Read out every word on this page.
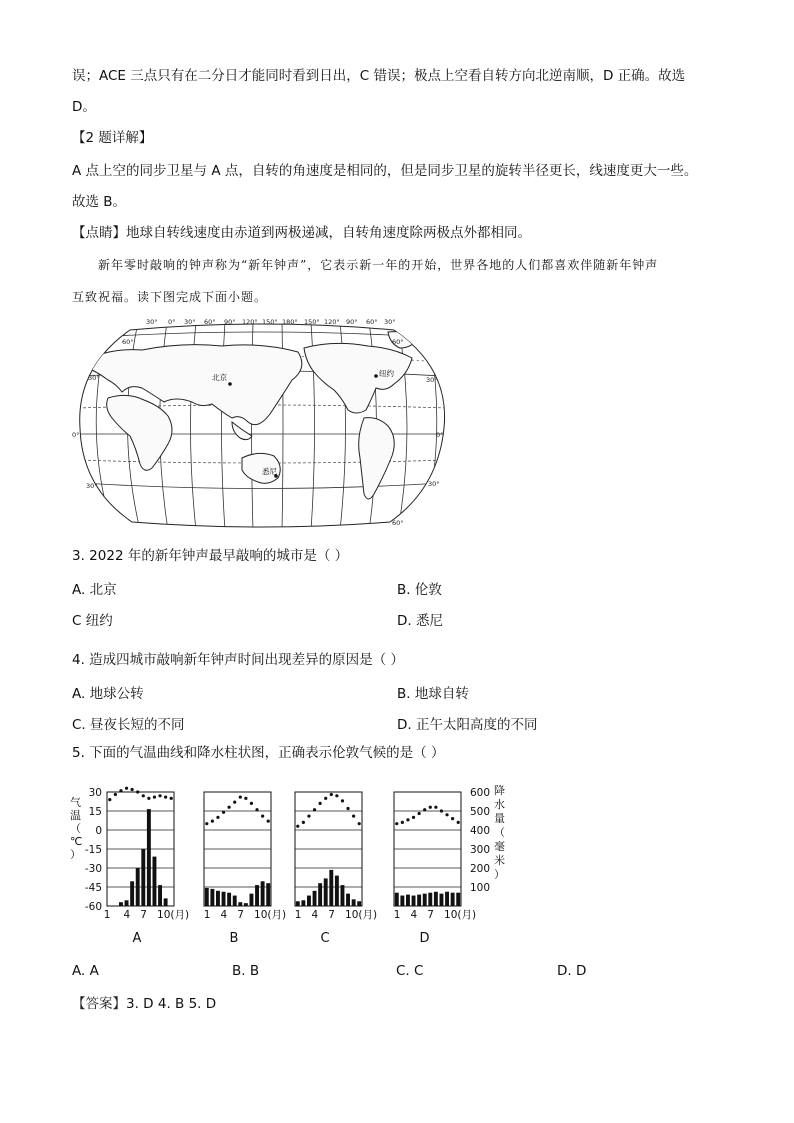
误；ACE 三点只有在二分日才能同时看到日出，C 错误；极点上空看自转方向北逆南顺，D 正确。故选
D。
【2 题详解】
A 点上空的同步卫星与 A 点，自转的角速度是相同的，但是同步卫星的旋转半径更长，线速度更大一些。
故选 B。
【点睛】地球自转线速度由赤道到两极递减，自转角速度除两极点外都相同。
新年零时敲响的钟声称为“新年钟声”，它表示新一年的开始，世界各地的人们都喜欢伴随新年钟声
互致祝福。读下图完成下面小题。
30° 0° 30° 60° 90° 120° 150° 180° 150° 120° 90° 60° 30°
60°
30°
0°
30°
60°
30°
0°
30°
60°
北京	纽约
悉尼
3. 2022 年的新年钟声最早敲响的城市是（ ）
A. 北京	B. 伦敦
C 纽约	D. 悉尼
4. 造成四城市敲响新年钟声时间出现差异的原因是（ ）
A. 地球公转	B. 地球自转
C. 昼夜长短的不同	D. 正午太阳高度的不同
5. 下面的气温曲线和降水柱状图，正确表示伦敦气候的是（ ）
气
温
（
℃
）
30
15
0
-15
-30
-45
-60
600
500
400
300
200
100
降
水
量
（
毫
米
）
1 4 7 10(月)
A
1 4 7 10(月)
B
1 4 7 10(月)
C
1 4 7 10(月)
D
A. A	B. B	C. C	D. D
【答案】3. D 4. B 5. D
